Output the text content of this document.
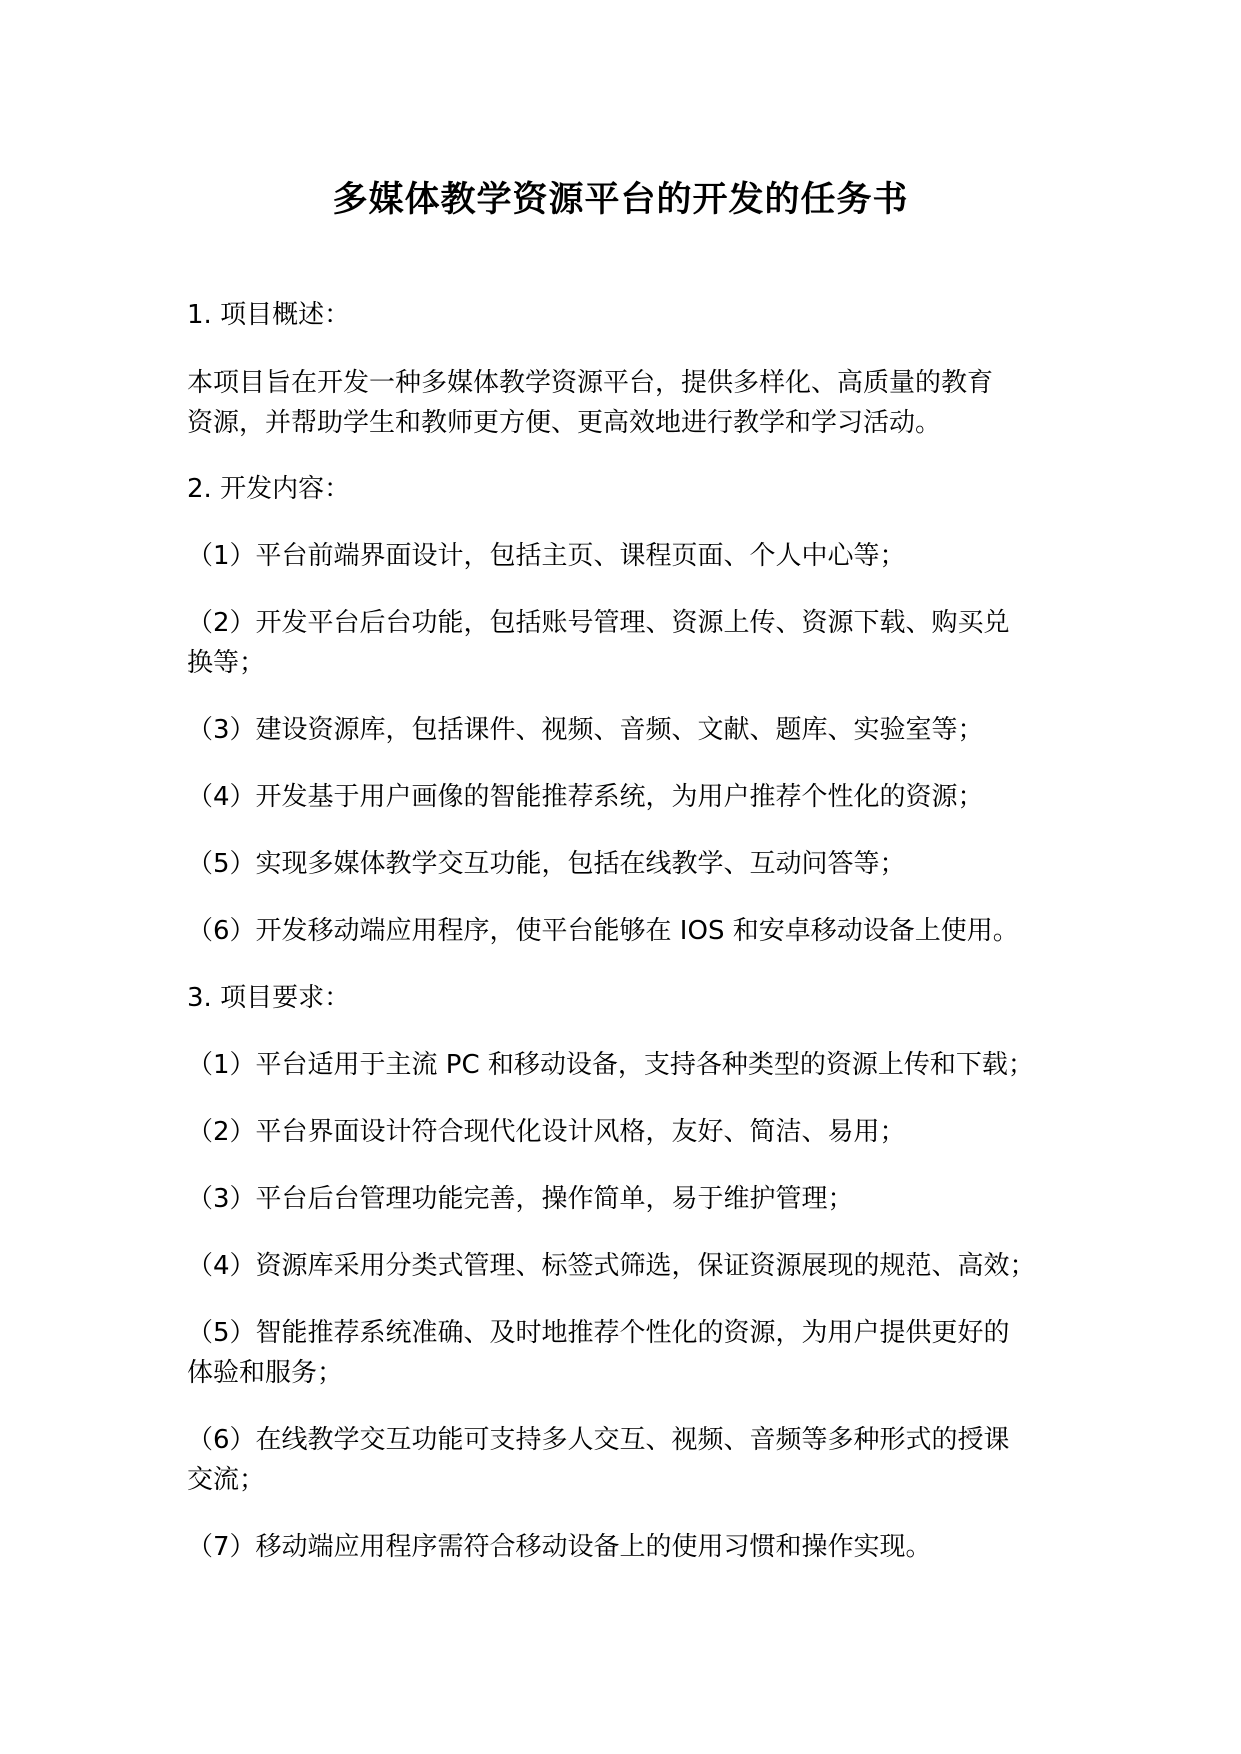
多媒体教学资源平台的开发的任务书
1. 项目概述：
本项目旨在开发一种多媒体教学资源平台，提供多样化、高质量的教育
资源，并帮助学生和教师更方便、更高效地进行教学和学习活动。
2. 开发内容：
（1）平台前端界面设计，包括主页、课程页面、个人中心等；
（2）开发平台后台功能，包括账号管理、资源上传、资源下载、购买兑
换等；
（3）建设资源库，包括课件、视频、音频、文献、题库、实验室等；
（4）开发基于用户画像的智能推荐系统，为用户推荐个性化的资源；
（5）实现多媒体教学交互功能，包括在线教学、互动问答等；
（6）开发移动端应用程序，使平台能够在 IOS 和安卓移动设备上使用。
3. 项目要求：
（1）平台适用于主流 PC 和移动设备，支持各种类型的资源上传和下载；
（2）平台界面设计符合现代化设计风格，友好、简洁、易用；
（3）平台后台管理功能完善，操作简单，易于维护管理；
（4）资源库采用分类式管理、标签式筛选，保证资源展现的规范、高效；
（5）智能推荐系统准确、及时地推荐个性化的资源，为用户提供更好的
体验和服务；
（6）在线教学交互功能可支持多人交互、视频、音频等多种形式的授课
交流；
（7）移动端应用程序需符合移动设备上的使用习惯和操作实现。
